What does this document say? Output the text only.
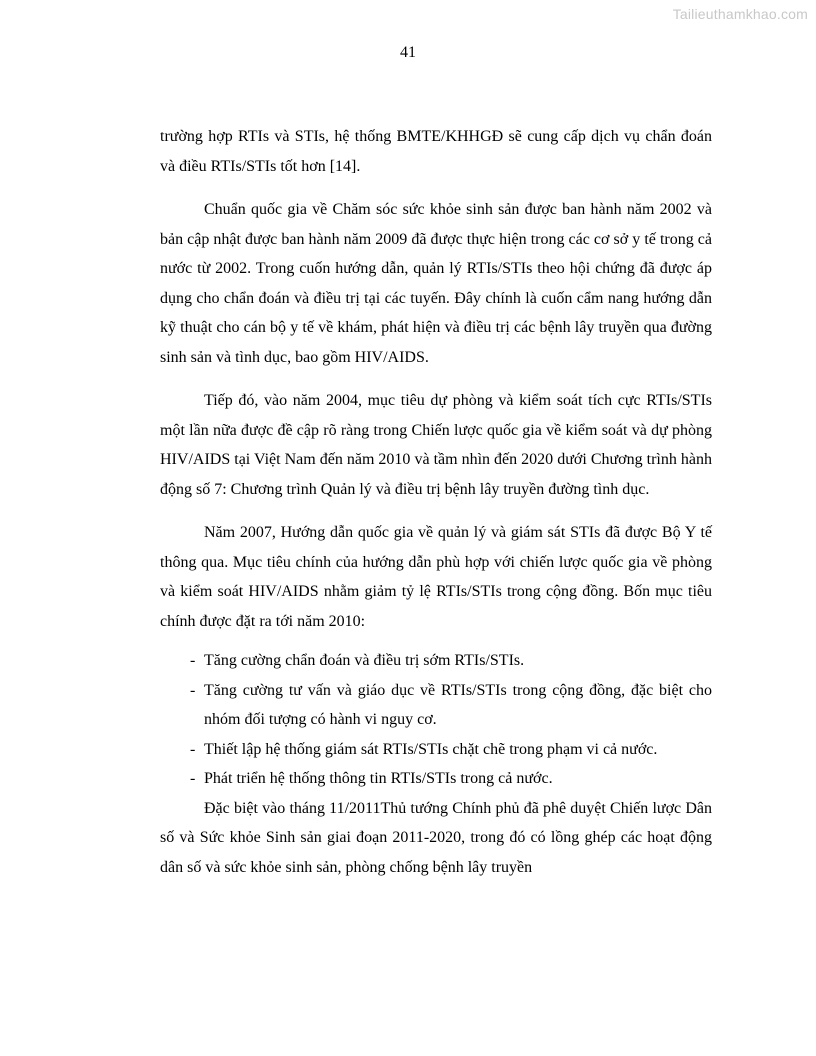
Tailieuthamkhao.com
41

trường hợp RTIs và STIs, hệ thống BMTE/KHHGĐ sẽ cung cấp dịch vụ chẩn đoán và điều RTIs/STIs tốt hơn [14].

Chuẩn quốc gia về Chăm sóc sức khỏe sinh sản được ban hành năm 2002 và bản cập nhật được ban hành năm 2009 đã được thực hiện trong các cơ sở y tế trong cả nước từ 2002. Trong cuốn hướng dẫn, quản lý RTIs/STIs theo hội chứng đã được áp dụng cho chẩn đoán và điều trị tại các tuyến. Đây chính là cuốn cẩm nang hướng dẫn kỹ thuật cho cán bộ y tế về khám, phát hiện và điều trị các bệnh lây truyền qua đường sinh sản và tình dục, bao gồm HIV/AIDS.

Tiếp đó, vào năm 2004, mục tiêu dự phòng và kiểm soát tích cực RTIs/STIs một lần nữa được đề cập rõ ràng trong Chiến lược quốc gia về kiểm soát và dự phòng HIV/AIDS tại Việt Nam đến năm 2010 và tầm nhìn đến 2020 dưới Chương trình hành động số 7: Chương trình Quản lý và điều trị bệnh lây truyền đường tình dục.

Năm 2007, Hướng dẫn quốc gia về quản lý và giám sát STIs đã được Bộ Y tế thông qua. Mục tiêu chính của hướng dẫn phù hợp với chiến lược quốc gia về phòng và kiểm soát HIV/AIDS nhằm giảm tỷ lệ RTIs/STIs trong cộng đồng. Bốn mục tiêu chính được đặt ra tới năm 2010:

- Tăng cường chẩn đoán và điều trị sớm RTIs/STIs.
- Tăng cường tư vấn và giáo dục về RTIs/STIs trong cộng đồng, đặc biệt cho nhóm đối tượng có hành vi nguy cơ.
- Thiết lập hệ thống giám sát RTIs/STIs chặt chẽ trong phạm vi cả nước.
- Phát triển hệ thống thông tin RTIs/STIs trong cả nước.

Đặc biệt vào tháng 11/2011Thủ tướng Chính phủ đã phê duyệt Chiến lược Dân số và Sức khỏe Sinh sản giai đoạn 2011-2020, trong đó có lồng ghép các hoạt động dân số và sức khỏe sinh sản, phòng chống bệnh lây truyền
